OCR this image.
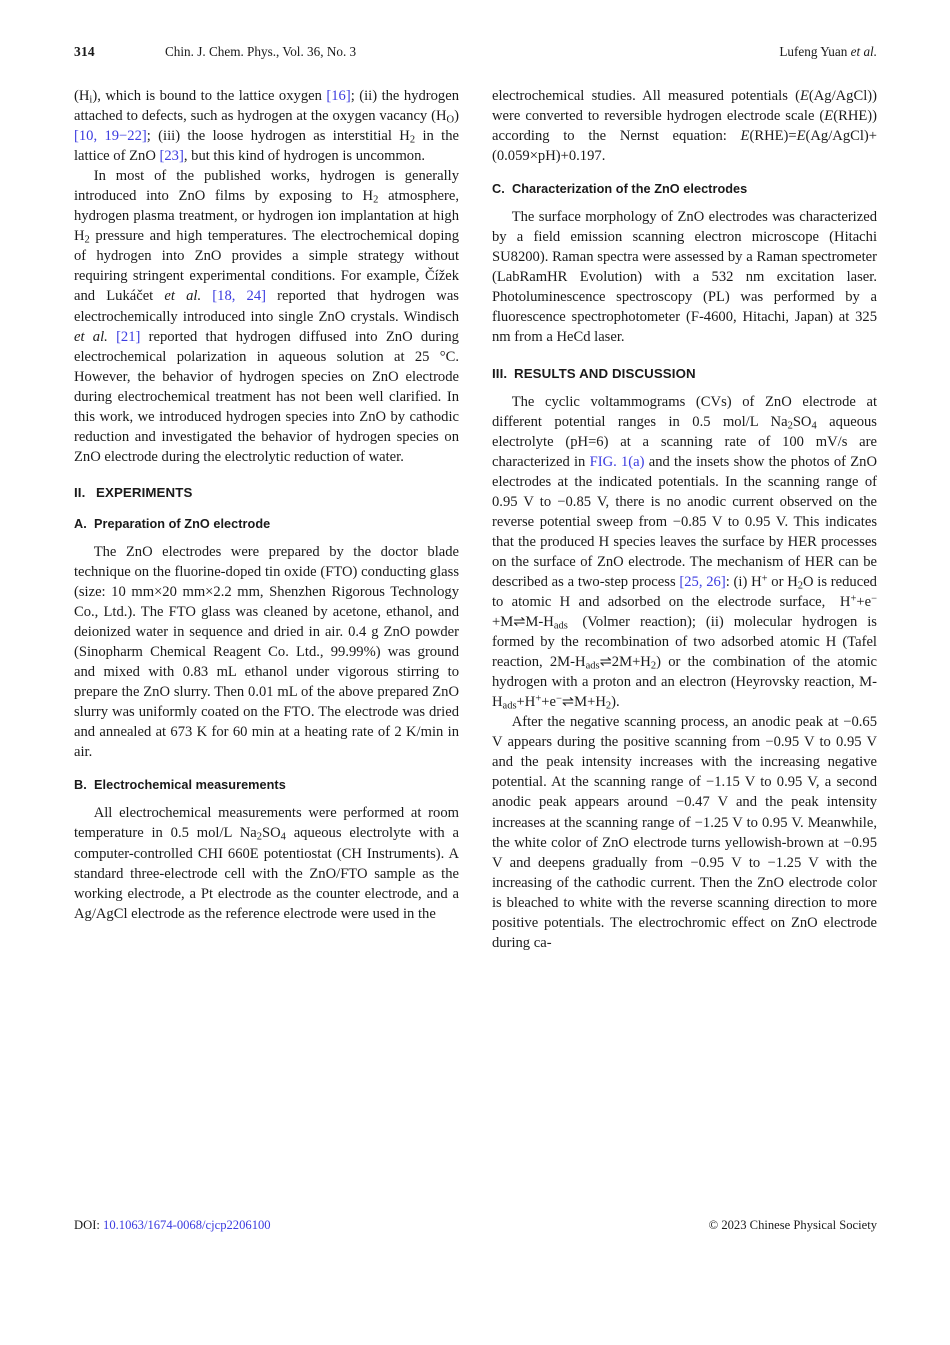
314	Chin. J. Chem. Phys., Vol. 36, No. 3	Lufeng Yuan et al.

$(H_i)$, which is bound to the lattice oxygen [16]; (ii) the hydrogen attached to defects, such as hydrogen at the oxygen vacancy $(H_O)$ [10, 19−22]; (iii) the loose hydrogen as interstitial $H_2$ in the lattice of ZnO [23], but this kind of hydrogen is uncommon.

In most of the published works, hydrogen is generally introduced into ZnO films by exposing to $H_2$ atmosphere, hydrogen plasma treatment, or hydrogen ion implantation at high $H_2$ pressure and high temperatures. The electrochemical doping of hydrogen into ZnO provides a simple strategy without requiring stringent experimental conditions. For example, Čížek and Lukáčet et al. [18, 24] reported that hydrogen was electrochemically introduced into single ZnO crystals. Windisch et al. [21] reported that hydrogen diffused into ZnO during electrochemical polarization in aqueous solution at 25 °C. However, the behavior of hydrogen species on ZnO electrode during electrochemical treatment has not been well clarified. In this work, we introduced hydrogen species into ZnO by cathodic reduction and investigated the behavior of hydrogen species on ZnO electrode during the electrolytic reduction of water.

II. EXPERIMENTS
A. Preparation of ZnO electrode

The ZnO electrodes were prepared by the doctor blade technique on the fluorine-doped tin oxide (FTO) conducting glass (size: 10 mm×20 mm×2.2 mm, Shenzhen Rigorous Technology Co., Ltd.). The FTO glass was cleaned by acetone, ethanol, and deionized water in sequence and dried in air. 0.4 g ZnO powder (Sinopharm Chemical Reagent Co. Ltd., 99.99%) was ground and mixed with 0.83 mL ethanol under vigorous stirring to prepare the ZnO slurry. Then 0.01 mL of the above prepared ZnO slurry was uniformly coated on the FTO. The electrode was dried and annealed at 673 K for 60 min at a heating rate of 2 K/min in air.

B. Electrochemical measurements

All electrochemical measurements were performed at room temperature in 0.5 mol/L $Na_2SO_4$ aqueous electrolyte with a computer-controlled CHI 660E potentiostat (CH Instruments). A standard three-electrode cell with the ZnO/FTO sample as the working electrode, a Pt electrode as the counter electrode, and a Ag/AgCl electrode as the reference electrode were used in the

electrochemical studies. All measured potentials (E(Ag/AgCl)) were converted to reversible hydrogen electrode scale (E(RHE)) according to the Nernst equation: E(RHE)=E(Ag/AgCl)+(0.059×pH)+0.197.

C. Characterization of the ZnO electrodes

The surface morphology of ZnO electrodes was characterized by a field emission scanning electron microscope (Hitachi SU8200). Raman spectra were assessed by a Raman spectrometer (LabRamHR Evolution) with a 532 nm excitation laser. Photoluminescence spectroscopy (PL) was performed by a fluorescence spectrophotometer (F-4600, Hitachi, Japan) at 325 nm from a HeCd laser.

III. RESULTS AND DISCUSSION

The cyclic voltammograms (CVs) of ZnO electrode at different potential ranges in 0.5 mol/L $Na_2SO_4$ aqueous electrolyte (pH=6) at a scanning rate of 100 mV/s are characterized in FIG. 1(a) and the insets show the photos of ZnO electrodes at the indicated potentials. In the scanning range of 0.95 V to −0.85 V, there is no anodic current observed on the reverse potential sweep from −0.85 V to 0.95 V. This indicates that the produced H species leaves the surface by HER processes on the surface of ZnO electrode. The mechanism of HER can be described as a two-step process [25, 26]: (i) H+ or $H_2O$ is reduced to atomic H and adsorbed on the electrode surface, $H^++e^-+M\rightleftharpoons M-H_{ads}$ (Volmer reaction); (ii) molecular hydrogen is formed by the recombination of two adsorbed atomic H (Tafel reaction, $2M-H_{ads}\rightleftharpoons 2M+H_2$) or the combination of the atomic hydrogen with a proton and an electron (Heyrovsky reaction, $M-H_{ads}+H^++e^-\rightleftharpoons M+H_2$).

After the negative scanning process, an anodic peak at −0.65 V appears during the positive scanning from −0.95 V to 0.95 V and the peak intensity increases with the increasing negative potential. At the scanning range of −1.15 V to 0.95 V, a second anodic peak appears around −0.47 V and the peak intensity increases at the scanning range of −1.25 V to 0.95 V. Meanwhile, the white color of ZnO electrode turns yellowish-brown at −0.95 V and deepens gradually from −0.95 V to −1.25 V with the increasing of the cathodic current. Then the ZnO electrode color is bleached to white with the reverse scanning direction to more positive potentials. The electrochromic effect on ZnO electrode during ca-

DOI: 10.1063/1674-0068/cjcp2206100	© 2023 Chinese Physical Society
